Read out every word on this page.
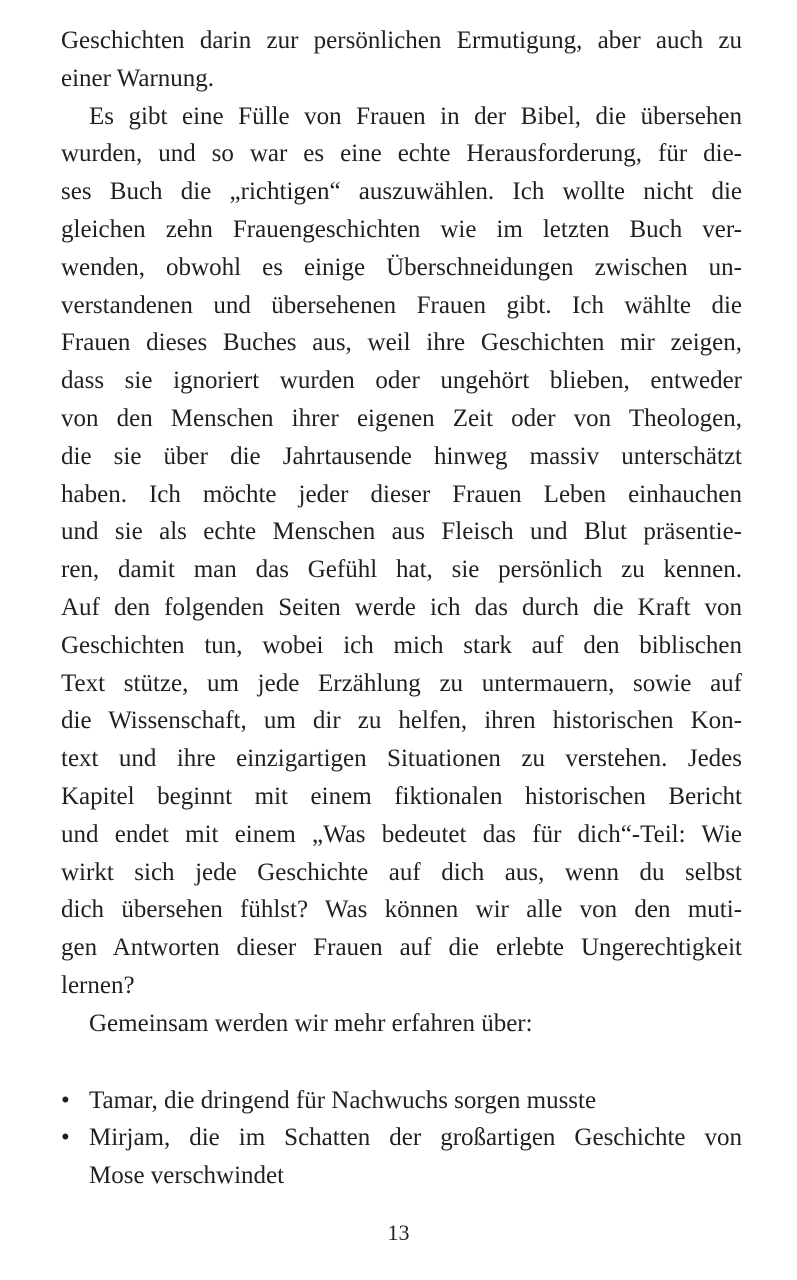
Geschichten darin zur persönlichen Ermutigung, aber auch zu
einer Warnung.
Es gibt eine Fülle von Frauen in der Bibel, die übersehen
wurden, und so war es eine echte Herausforderung, für die-
ses Buch die „richtigen“ auszuwählen. Ich wollte nicht die
gleichen zehn Frauengeschichten wie im letzten Buch ver-
wenden, obwohl es einige Überschneidungen zwischen un-
verstandenen und übersehenen Frauen gibt. Ich wählte die
Frauen dieses Buches aus, weil ihre Geschichten mir zeigen,
dass sie ignoriert wurden oder ungehört blieben, entweder
von den Menschen ihrer eigenen Zeit oder von Theologen,
die sie über die Jahrtausende hinweg massiv unterschätzt
haben. Ich möchte jeder dieser Frauen Leben einhauchen
und sie als echte Menschen aus Fleisch und Blut präsentie-
ren, damit man das Gefühl hat, sie persönlich zu kennen.
Auf den folgenden Seiten werde ich das durch die Kraft von
Geschichten tun, wobei ich mich stark auf den biblischen
Text stütze, um jede Erzählung zu untermauern, sowie auf
die Wissenschaft, um dir zu helfen, ihren historischen Kon-
text und ihre einzigartigen Situationen zu verstehen. Jedes
Kapitel beginnt mit einem fiktionalen historischen Bericht
und endet mit einem „Was bedeutet das für dich“-Teil: Wie
wirkt sich jede Geschichte auf dich aus, wenn du selbst
dich übersehen fühlst? Was können wir alle von den muti-
gen Antworten dieser Frauen auf die erlebte Ungerechtigkeit
lernen?
Gemeinsam werden wir mehr erfahren über:
• Tamar, die dringend für Nachwuchs sorgen musste
• Mirjam, die im Schatten der großartigen Geschichte von
Mose verschwindet
13
